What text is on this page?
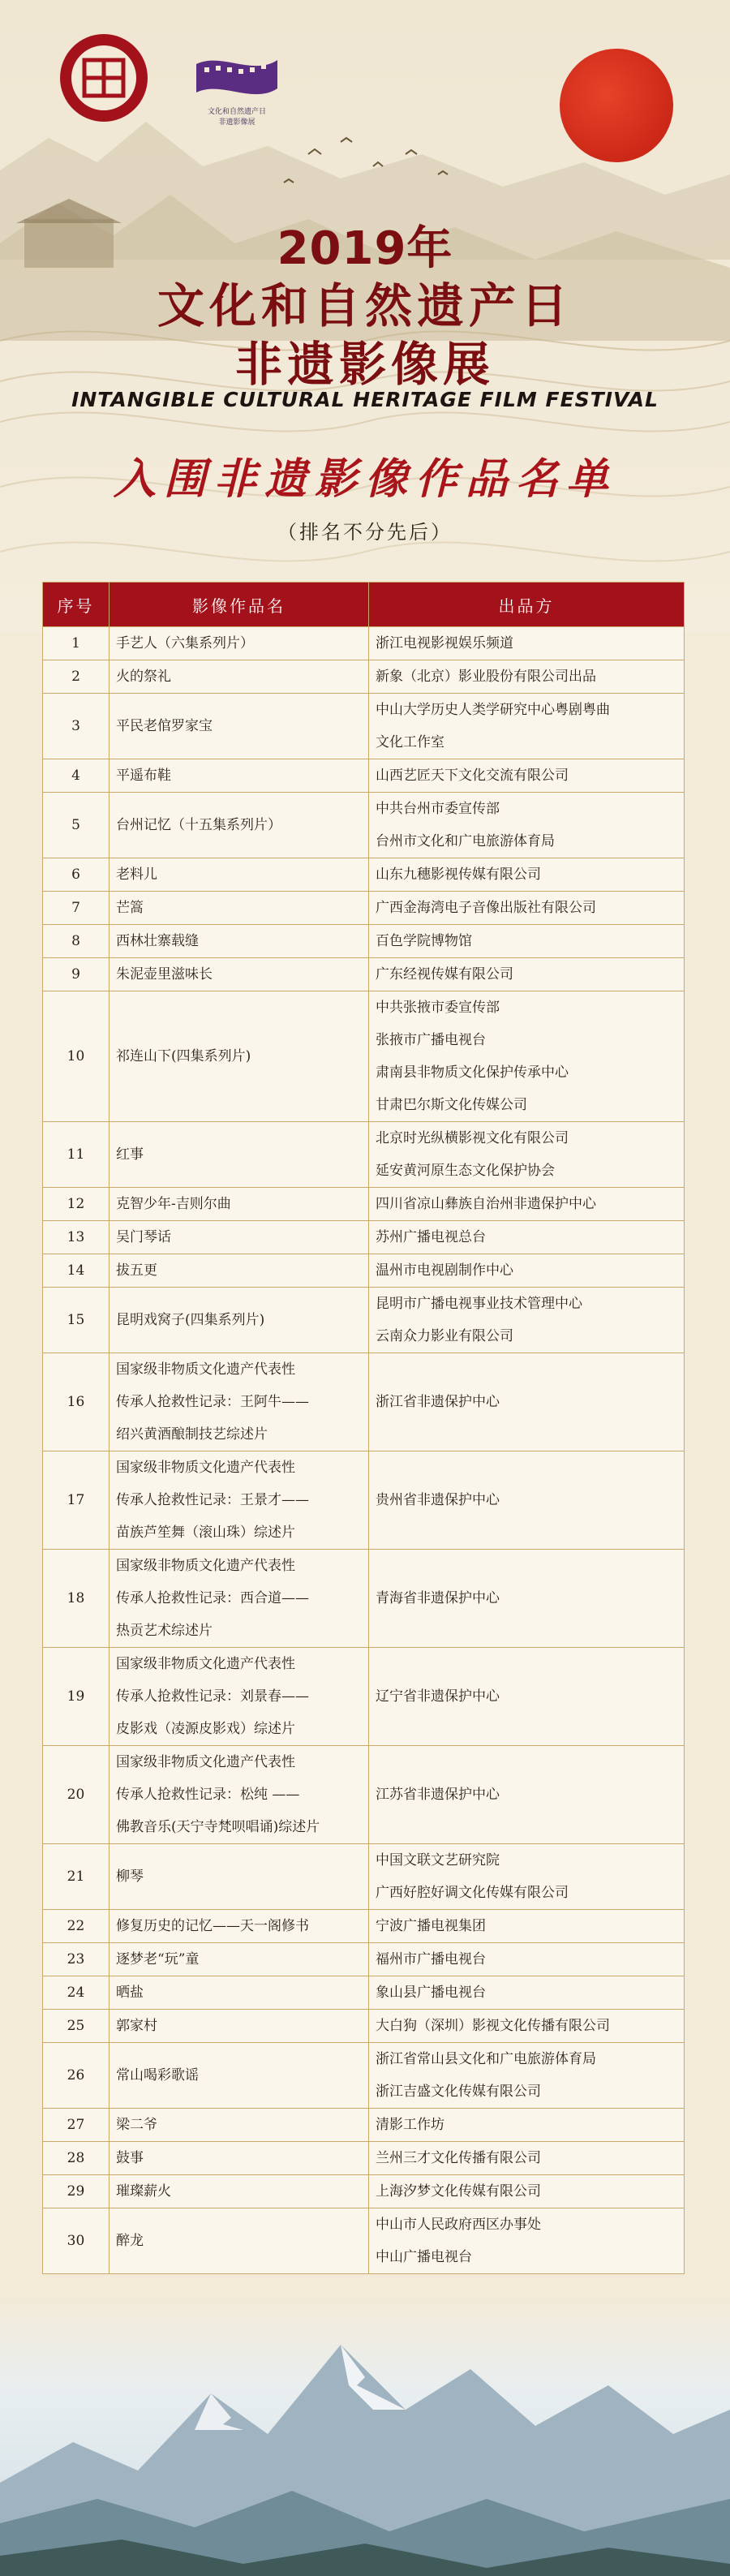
文化和自然遗产日
非遗影像展
2019年
文化和自然遗产日
非遗影像展
INTANGIBLE CULTURAL HERITAGE FILM FESTIVAL
入围非遗影像作品名单
（排名不分先后）
序号	影像作品名	出品方
1	手艺人（六集系列片）	浙江电视影视娱乐频道

2	火的祭礼	新象（北京）影业股份有限公司出品

3	平民老倌罗家宝	中山大学历史人类学研究中心粤剧粤曲
文化工作室

4	平遥布鞋	山西艺匠天下文化交流有限公司

5	台州记忆（十五集系列片）	中共台州市委宣传部
台州市文化和广电旅游体育局

6	老料儿	山东九穗影视传媒有限公司

7	芒篙	广西金海湾电子音像出版社有限公司

8	西林壮寨载缝	百色学院博物馆

9	朱泥壶里滋味长	广东经视传媒有限公司

10	祁连山下(四集系列片)	中共张掖市委宣传部
张掖市广播电视台
肃南县非物质文化保护传承中心
甘肃巴尔斯文化传媒公司

11	红事	北京时光纵横影视文化有限公司
延安黄河原生态文化保护协会

12	克智少年-吉则尔曲	四川省凉山彝族自治州非遗保护中心

13	吴门琴话	苏州广播电视总台

14	拔五更	温州市电视剧制作中心

15	昆明戏窝子(四集系列片)	昆明市广播电视事业技术管理中心
云南众力影业有限公司

16	国家级非物质文化遗产代表性
传承人抢救性记录：王阿牛——
绍兴黄酒酿制技艺综述片	浙江省非遗保护中心

17	国家级非物质文化遗产代表性
传承人抢救性记录：王景才——
苗族芦笙舞（滚山珠）综述片	贵州省非遗保护中心

18	国家级非物质文化遗产代表性
传承人抢救性记录：西合道——
热贡艺术综述片	青海省非遗保护中心

19	国家级非物质文化遗产代表性
传承人抢救性记录：刘景春——
皮影戏（凌源皮影戏）综述片	辽宁省非遗保护中心

20	国家级非物质文化遗产代表性
传承人抢救性记录：松纯 ——
佛教音乐(天宁寺梵呗唱诵)综述片	江苏省非遗保护中心

21	柳琴	中国文联文艺研究院
广西好腔好调文化传媒有限公司

22	修复历史的记忆——天一阁修书	宁波广播电视集团

23	逐梦老“玩”童	福州市广播电视台

24	晒盐	象山县广播电视台

25	郭家村	大白狗（深圳）影视文化传播有限公司

26	常山喝彩歌谣	浙江省常山县文化和广电旅游体育局
浙江吉盛文化传媒有限公司

27	梁二爷	清影工作坊

28	鼓事	兰州三才文化传播有限公司

29	璀璨薪火	上海汐梦文化传媒有限公司

30	醉龙	中山市人民政府西区办事处
中山广播电视台
